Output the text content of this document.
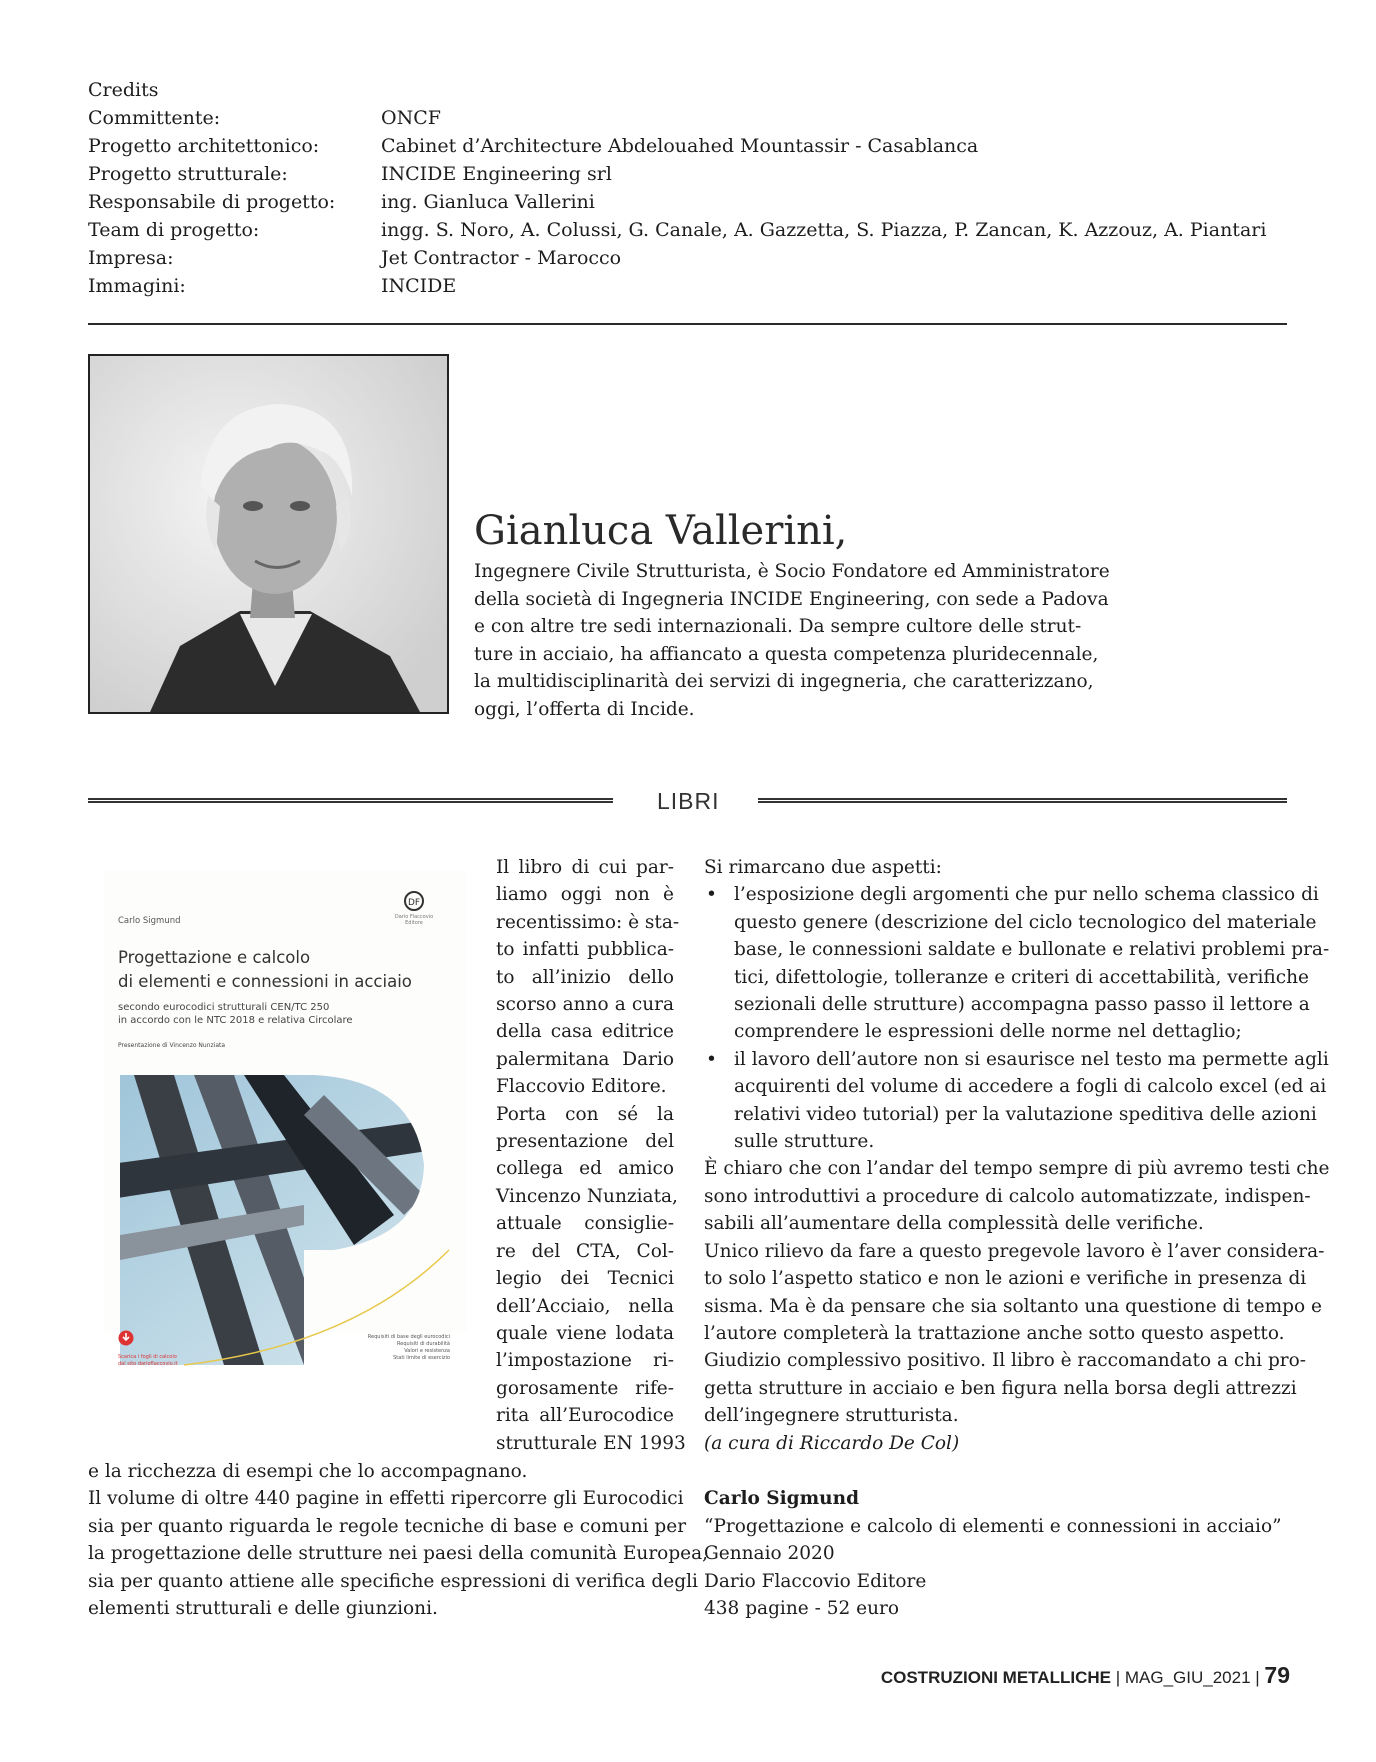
Credits
Committente:	ONCF
Progetto architettonico:	Cabinet d’Architecture Abdelouahed Mountassir - Casablanca
Progetto strutturale:	INCIDE Engineering srl
Responsabile di progetto:	ing. Gianluca Vallerini
Team di progetto:	ingg. S. Noro, A. Colussi, G. Canale, A. Gazzetta, S. Piazza, P. Zancan, K. Azzouz, A. Piantari
Impresa:	Jet Contractor - Marocco
Immagini:	INCIDE
Gianluca Vallerini,
Ingegnere Civile Strutturista, è Socio Fondatore ed Amministratore
della società di Ingegneria INCIDE Engineering, con sede a Padova
e con altre tre sedi internazionali. Da sempre cultore delle strut-
ture in acciaio, ha affiancato a questa competenza pluridecennale,
la multidisciplinarità dei servizi di ingegneria, che caratterizzano,
oggi, l’offerta di Incide.
LIBRI
Carlo Sigmund
DF
Dario Flaccovio Editore
Progettazione e calcolo
di elementi e connessioni in acciaio
secondo eurocodici strutturali CEN/TC 250
in accordo con le NTC 2018 e relativa Circolare
Presentazione di Vincenzo Nunziata
Requisiti di base degli eurocodici
Requisiti di durabilità
Valori e resistenza
Stati limite di esercizio
Scarica i fogli di calcolo
dal sito darioflaccovio.it
Il libro di cui par-
liamo oggi non è
recentissimo: è sta-
to infatti pubblica-
to all’inizio dello
scorso anno a cura
della casa editrice
palermitana Dario
Flaccovio Editore.
Porta con sé la
presentazione del
collega ed amico
Vincenzo Nunziata,
attuale consiglie-
re del CTA, Col-
legio dei Tecnici
dell’Acciaio, nella
quale viene lodata
l’impostazione ri-
gorosamente rife-
rita all’Eurocodice
strutturale EN 1993
e la ricchezza di esempi che lo accompagnano.
Il volume di oltre 440 pagine in effetti ripercorre gli Eurocodici
sia per quanto riguarda le regole tecniche di base e comuni per
la progettazione delle strutture nei paesi della comunità Europea,
sia per quanto attiene alle specifiche espressioni di verifica degli
elementi strutturali e delle giunzioni.
Si rimarcano due aspetti:
• l’esposizione degli argomenti che pur nello schema classico di
questo genere (descrizione del ciclo tecnologico del materiale
base, le connessioni saldate e bullonate e relativi problemi pra-
tici, difettologie, tolleranze e criteri di accettabilità, verifiche
sezionali delle strutture) accompagna passo passo il lettore a
comprendere le espressioni delle norme nel dettaglio;
• il lavoro dell’autore non si esaurisce nel testo ma permette agli
acquirenti del volume di accedere a fogli di calcolo excel (ed ai
relativi video tutorial) per la valutazione speditiva delle azioni
sulle strutture.
È chiaro che con l’andar del tempo sempre di più avremo testi che
sono introduttivi a procedure di calcolo automatizzate, indispen-
sabili all’aumentare della complessità delle verifiche.
Unico rilievo da fare a questo pregevole lavoro è l’aver considera-
to solo l’aspetto statico e non le azioni e verifiche in presenza di
sisma. Ma è da pensare che sia soltanto una questione di tempo e
l’autore completerà la trattazione anche sotto questo aspetto.
Giudizio complessivo positivo. Il libro è raccomandato a chi pro-
getta strutture in acciaio e ben figura nella borsa degli attrezzi
dell’ingegnere strutturista.
(a cura di Riccardo De Col)
Carlo Sigmund
“Progettazione e calcolo di elementi e connessioni in acciaio”
Gennaio 2020
Dario Flaccovio Editore
438 pagine - 52 euro
COSTRUZIONI METALLICHE | MAG_GIU_2021 | 79
